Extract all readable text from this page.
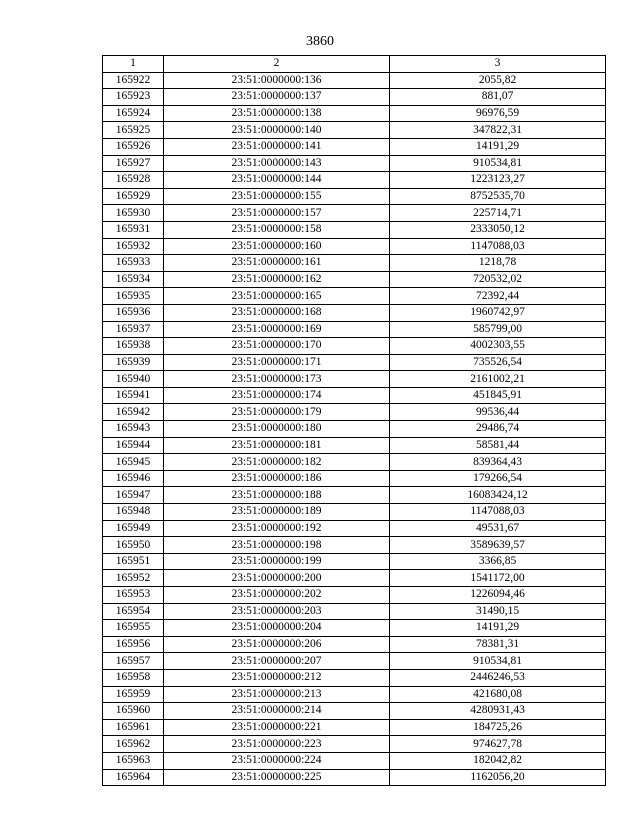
3860
1	2	3
165922	23:51:0000000:136	2055,82
165923	23:51:0000000:137	881,07
165924	23:51:0000000:138	96976,59
165925	23:51:0000000:140	347822,31
165926	23:51:0000000:141	14191,29
165927	23:51:0000000:143	910534,81
165928	23:51:0000000:144	1223123,27
165929	23:51:0000000:155	8752535,70
165930	23:51:0000000:157	225714,71
165931	23:51:0000000:158	2333050,12
165932	23:51:0000000:160	1147088,03
165933	23:51:0000000:161	1218,78
165934	23:51:0000000:162	720532,02
165935	23:51:0000000:165	72392,44
165936	23:51:0000000:168	1960742,97
165937	23:51:0000000:169	585799,00
165938	23:51:0000000:170	4002303,55
165939	23:51:0000000:171	735526,54
165940	23:51:0000000:173	2161002,21
165941	23:51:0000000:174	451845,91
165942	23:51:0000000:179	99536,44
165943	23:51:0000000:180	29486,74
165944	23:51:0000000:181	58581,44
165945	23:51:0000000:182	839364,43
165946	23:51:0000000:186	179266,54
165947	23:51:0000000:188	16083424,12
165948	23:51:0000000:189	1147088,03
165949	23:51:0000000:192	49531,67
165950	23:51:0000000:198	3589639,57
165951	23:51:0000000:199	3366,85
165952	23:51:0000000:200	1541172,00
165953	23:51:0000000:202	1226094,46
165954	23:51:0000000:203	31490,15
165955	23:51:0000000:204	14191,29
165956	23:51:0000000:206	78381,31
165957	23:51:0000000:207	910534,81
165958	23:51:0000000:212	2446246,53
165959	23:51:0000000:213	421680,08
165960	23:51:0000000:214	4280931,43
165961	23:51:0000000:221	184725,26
165962	23:51:0000000:223	974627,78
165963	23:51:0000000:224	182042,82
165964	23:51:0000000:225	1162056,20
